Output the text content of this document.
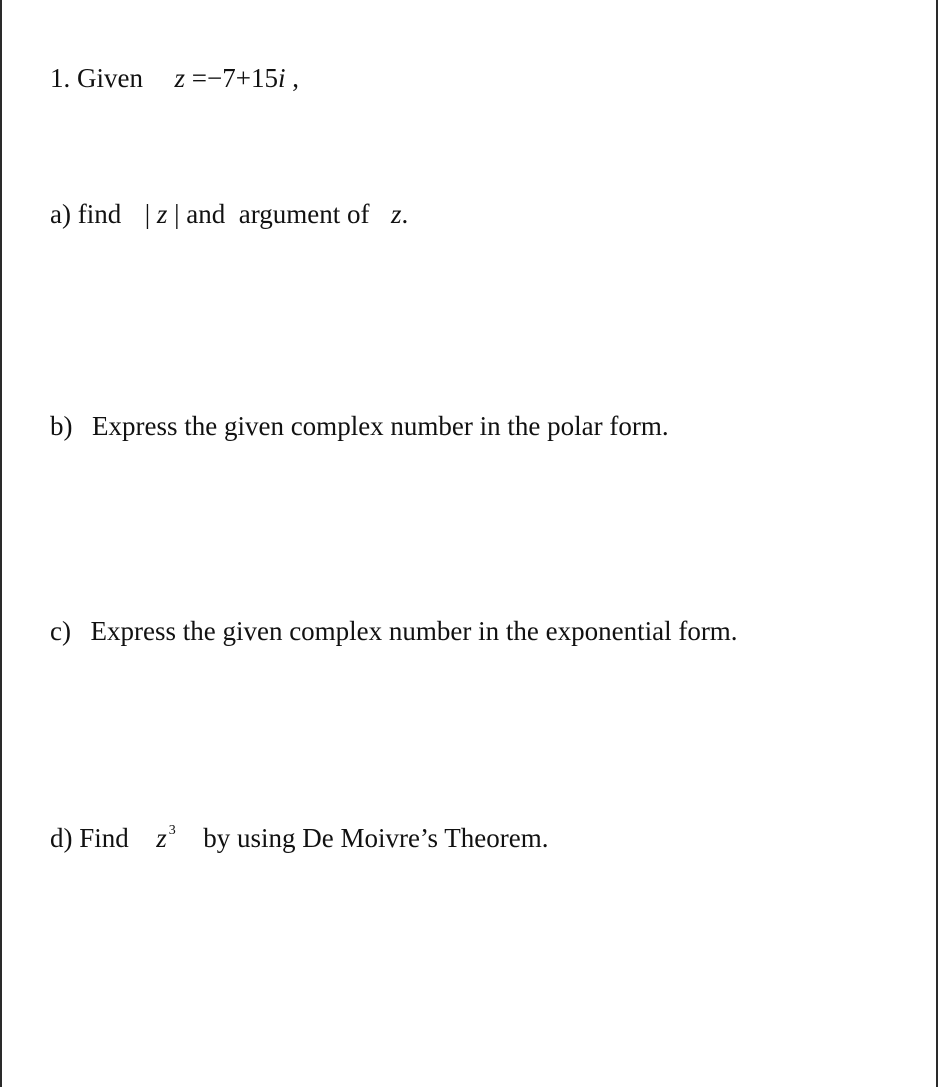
1. Given z =−7+15i ,
a) find | z | and  argument of z.
b) Express the given complex number in the polar form.
c) Express the given complex number in the exponential form.
d) Find z $^3$ by using De Moivre’s Theorem.
